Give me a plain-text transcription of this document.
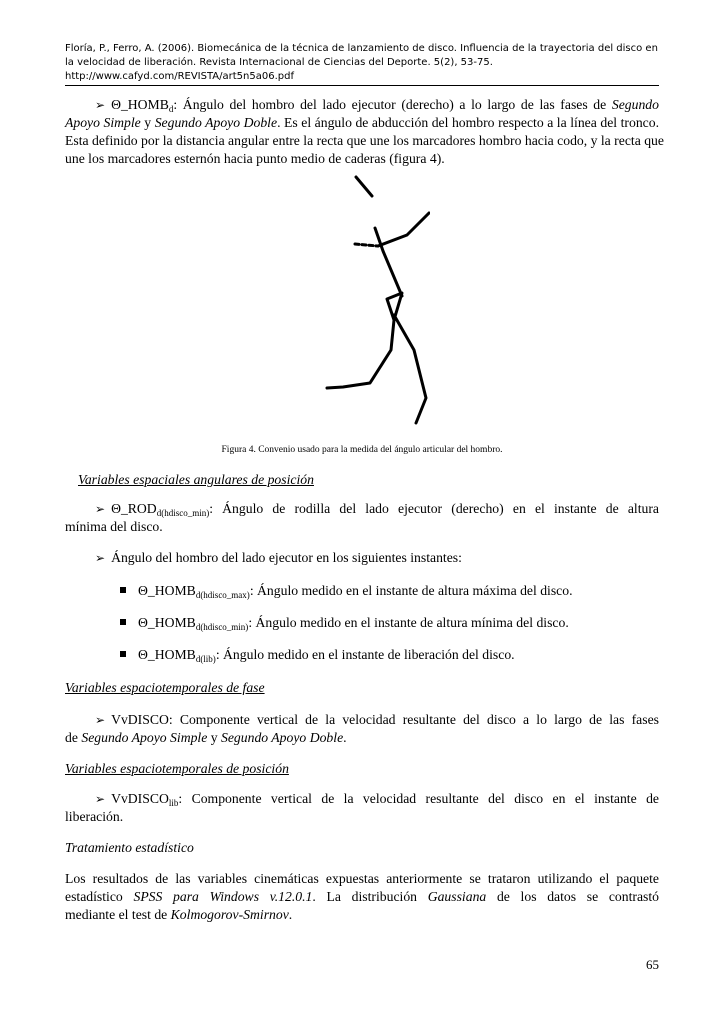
Floría, P., Ferro, A. (2006). Biomecánica de la técnica de lanzamiento de disco. Influencia de la trayectoria del disco en
la velocidad de liberación. Revista Internacional de Ciencias del Deporte. 5(2), 53-75.
http://www.cafyd.com/REVISTA/art5n5a06.pdf
➢ $\Theta\_HOMB_d$: Ángulo del hombro del lado ejecutor (derecho) a lo largo de las fases de Segundo
Apoyo Simple y Segundo Apoyo Doble. Es el ángulo de abducción del hombro respecto a la línea del tronco.
Esta definido por la distancia angular entre la recta que une los marcadores hombro hacia codo, y la recta que
une los marcadores esternón hacia punto medio de caderas (figura 4).
Figura 4. Convenio usado para la medida del ángulo articular del hombro.
Variables espaciales angulares de posición
➢ $\Theta\_ROD_{d(hdisco\_min)}$: Ángulo de rodilla del lado ejecutor (derecho) en el instante de altura
mínima del disco.
➢ Ángulo del hombro del lado ejecutor en los siguientes instantes:
$\Theta\_HOMB_{d(hdisco\_max)}$: Ángulo medido en el instante de altura máxima del disco.
$\Theta\_HOMB_{d(hdisco\_min)}$: Ángulo medido en el instante de altura mínima del disco.
$\Theta\_HOMB_{d(lib)}$: Ángulo medido en el instante de liberación del disco.
Variables espaciotemporales de fase
➢ VvDISCO: Componente vertical de la velocidad resultante del disco a lo largo de las fases
de Segundo Apoyo Simple y Segundo Apoyo Doble.
Variables espaciotemporales de posición
➢ VvDISCO$_{lib}$: Componente vertical de la velocidad resultante del disco en el instante de
liberación.
Tratamiento estadístico
Los resultados de las variables cinemáticas expuestas anteriormente se trataron utilizando el paquete
estadístico SPSS para Windows v.12.0.1. La distribución Gaussiana de los datos se contrastó
mediante el test de Kolmogorov-Smirnov.
65
